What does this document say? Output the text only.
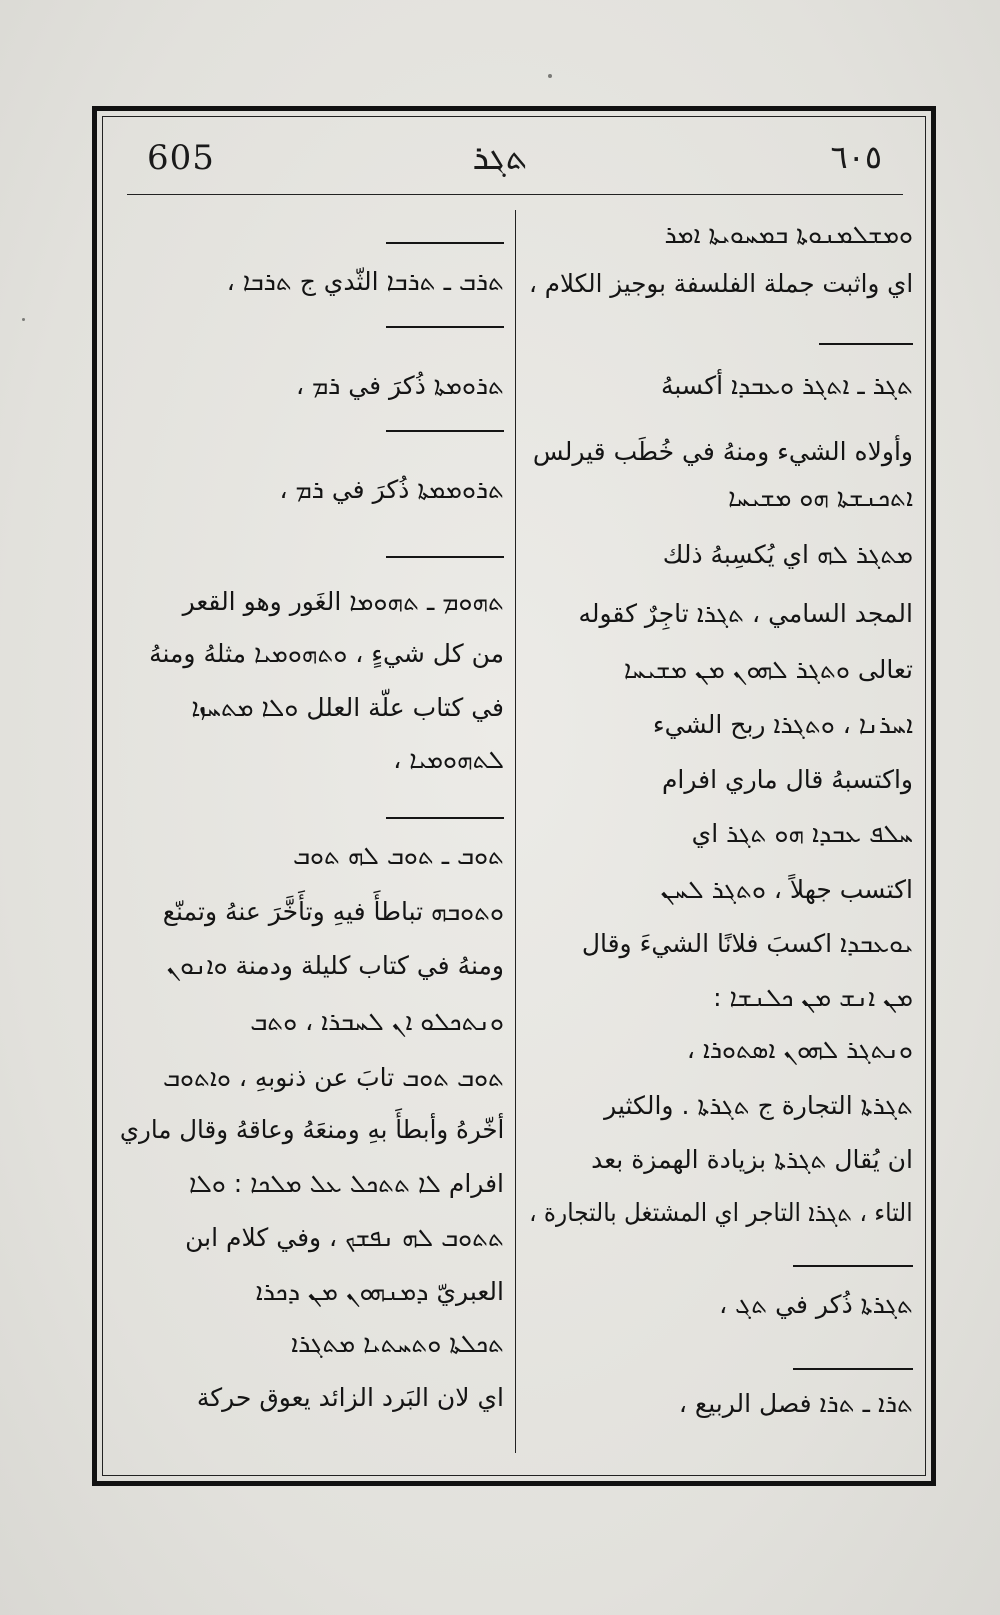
605	ܬܓܪ	٦٠٥
ܘܡܫܠܡܢܘܬܐ ܒܡܚܘܝܬܐ ܐܡܪ
اي واثبت جملة الفلسفة بوجيز الكلام ،
ܬܓܪ ـ ܐܬܓܪ ܘܥܒܕܐ أكسبهُ
وأولاه الشيء ومنهُ في خُطَب قيرلس
ܐܬܟܢܫܬܐ ܗܘ ܡܫܝܚܐ
ܡܬܓܪ ܠܗ اي يُكسِبهُ ذلك
المجد السامي ، ܬܓܪܐ تاجِرٌ كقوله
تعالى ܘܬܓܪ ܠܗܘܢ ܡܢ ܡܫܝܚܐ
ܐܚܪܢܐ ، ܘܬܓܪܐ ربح الشيء
واكتسبهُ قال ماري افرام
ܚܠܦ ܥܒܕܐ ܗܘ ܬܓܪ اي
اكتسب جهلاً ، ܘܬܓܪ ܠܚܢ
ܝܘܥܒܕܐ اكسبَ فلانًا الشيءَ وقال
ܡܢ ܐܢܫ ܡܢ ܟܠܢܫܐ :
ܘܢܬܓܪ ܠܗܘܢ ܐܣܬܘܪܐ ،
ܬܓܪܬܐ التجارة ج ܬܓܪܬܐ . والكثير
ان يُقال ܬܓܪܬܐ بزيادة الهمزة بعد
التاء ، ܬܓܪܐ التاجر اي المشتغل بالتجارة ،
ܬܓܪܬܐ ذُكر في ܬܓ ،
ܬܪܐ ـ ܬܪܐ فصل الربيع ،
ܬܪܒ ـ ܬܪܒܐ الثّدي ج ܬܪܒܐ ،
ܬܪܘܡܬܐ ذُكرَ في ܪܡ ،
ܬܪܘܡܡܬܐ ذُكرَ في ܪܡ ،
ܬܗܘܡ ـ ܬܗܘܡܐ الغَور وهو القعر
من كل شيءٍ ، ܘܬܗܘܡܝܐ مثلهُ ومنهُ
في كتاب علّة العلل ܘܠܐ ܡܬܚܙܐ
ܠܬܗܘܡܝܐ ،
ܬܘܒ ـ ܬܘܒ ܠܗ ܬܘܒ
ܘܬܘܒܗ تباطأَ فيهِ وتأَخَّرَ عنهُ وتمنّع
ومنهُ في كتاب كليلة ودمنة ܘܐܢܘܢ
ܘܢܬܟܠܘ ܐܢ ܠܚܒܪܐ ، ܘܬܒ
ܬܘܒ ܬܘܒ تابَ عن ذنوبهِ ، ܘܐܬܘܒ
أخّرهُ وأبطأَ بهِ ومنعَهُ وعاقهُ وقال ماري
افرام ܠܐ ܬܬܟܠ ܥܠ ܡܠܟܐ : ܘܠܐ
ܬܬܘܒ ܠܗ ܢܦܫܟ ، وفي كلام ابن
العبريّ ܕܡܢܗܘܢ ܡܢ ܕܟܪܐ
ܬܟܠܬܐ ܘܬܚܬܝܐ ܡܬܓܪܐ
اي لان البَرد الزائد يعوق حركة
